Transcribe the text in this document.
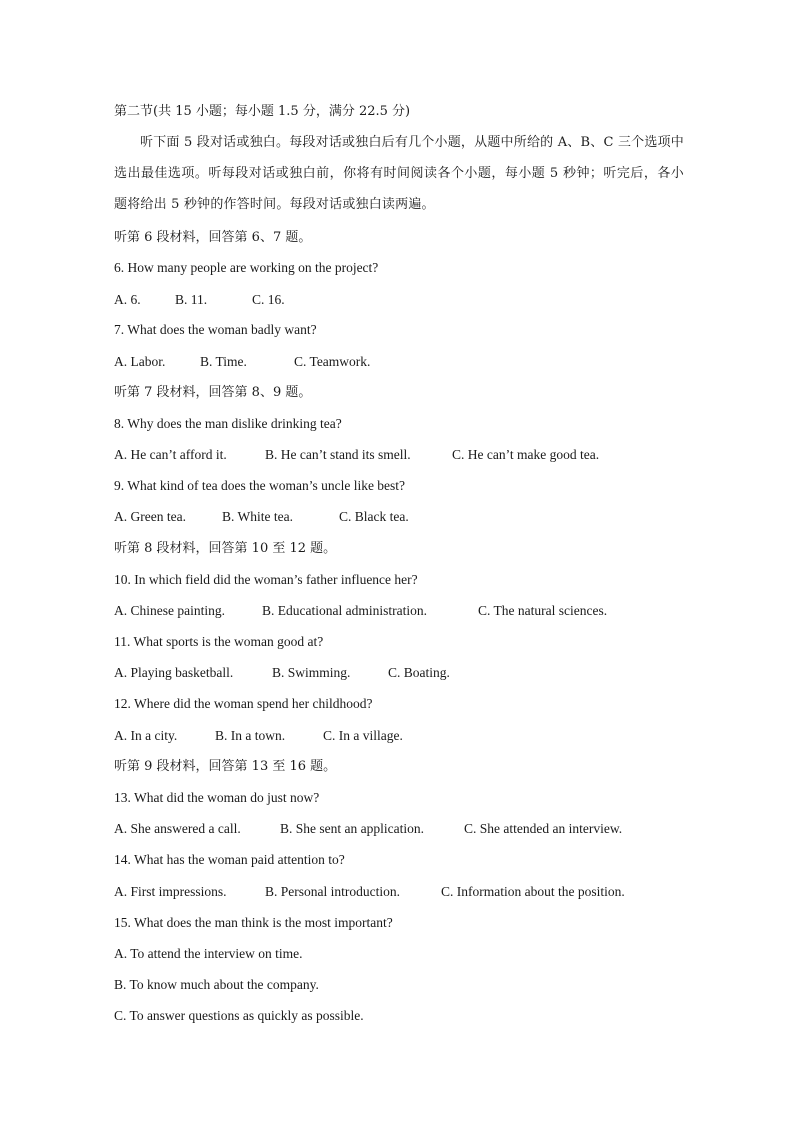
第二节(共 15 小题；每小题 1.5 分，满分 22.5 分)
听下面 5 段对话或独白。每段对话或独白后有几个小题，从题中所给的 A、B、C 三个选项中选出最佳选项。听每段对话或独白前，你将有时间阅读各个小题，每小题 5 秒钟；听完后，各小题将给出 5 秒钟的作答时间。每段对话或独白读两遍。
听第 6 段材料，回答第 6、7 题。
6. How many people are working on the project?
A. 6.	B. 11.	C. 16.
7. What does the woman badly want?
A. Labor.	B. Time.	C. Teamwork.
听第 7 段材料，回答第 8、9 题。
8. Why does the man dislike drinking tea?
A. He can’t afford it.	B. He can’t stand its smell.	C. He can’t make good tea.
9. What kind of tea does the woman’s uncle like best?
A. Green tea.	B. White tea.	C. Black tea.
听第 8 段材料，回答第 10 至 12 题。
10. In which field did the woman’s father influence her?
A. Chinese painting.	B. Educational administration.	C. The natural sciences.
11. What sports is the woman good at?
A. Playing basketball.	B. Swimming.	C. Boating.
12. Where did the woman spend her childhood?
A. In a city.	B. In a town.	C. In a village.
听第 9 段材料，回答第 13 至 16 题。
13. What did the woman do just now?
A. She answered a call.	B. She sent an application.	C. She attended an interview.
14. What has the woman paid attention to?
A. First impressions.	B. Personal introduction.	C. Information about the position.
15. What does the man think is the most important?
A. To attend the interview on time.
B. To know much about the company.
C. To answer questions as quickly as possible.
